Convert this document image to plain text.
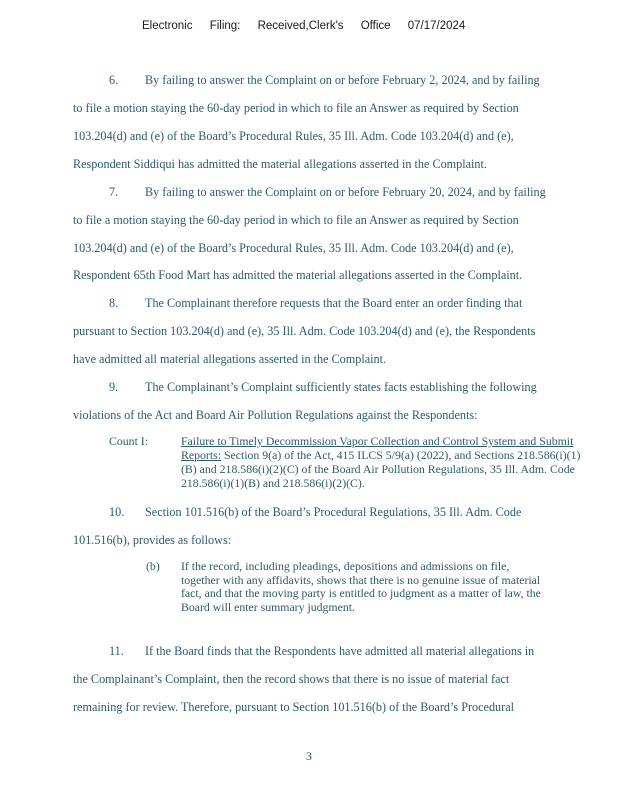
Electronic Filing: Received,Clerk's Office 07/17/2024
6. By failing to answer the Complaint on or before February 2, 2024, and by failing
to file a motion staying the 60-day period in which to file an Answer as required by Section
103.204(d) and (e) of the Board’s Procedural Rules, 35 Ill. Adm. Code 103.204(d) and (e),
Respondent Siddiqui has admitted the material allegations asserted in the Complaint.
7. By failing to answer the Complaint on or before February 20, 2024, and by failing
to file a motion staying the 60-day period in which to file an Answer as required by Section
103.204(d) and (e) of the Board’s Procedural Rules, 35 Ill. Adm. Code 103.204(d) and (e),
Respondent 65th Food Mart has admitted the material allegations asserted in the Complaint.
8. The Complainant therefore requests that the Board enter an order finding that
pursuant to Section 103.204(d) and (e), 35 Ill. Adm. Code 103.204(d) and (e), the Respondents
have admitted all material allegations asserted in the Complaint.
9. The Complainant’s Complaint sufficiently states facts establishing the following
violations of the Act and Board Air Pollution Regulations against the Respondents:
Count I:	Failure to Timely Decommission Vapor Collection and Control System and Submit Reports: Section 9(a) of the Act, 415 ILCS 5/9(a) (2022), and Sections 218.586(i)(1)(B) and 218.586(i)(2)(C) of the Board Air Pollution Regulations, 35 Ill. Adm. Code 218.586(i)(1)(B) and 218.586(i)(2)(C).
10. Section 101.516(b) of the Board’s Procedural Regulations, 35 Ill. Adm. Code
101.516(b), provides as follows:
(b) If the record, including pleadings, depositions and admissions on file, together with any affidavits, shows that there is no genuine issue of material fact, and that the moving party is entitled to judgment as a matter of law, the Board will enter summary judgment.
11. If the Board finds that the Respondents have admitted all material allegations in
the Complainant’s Complaint, then the record shows that there is no issue of material fact
remaining for review. Therefore, pursuant to Section 101.516(b) of the Board’s Procedural
3
